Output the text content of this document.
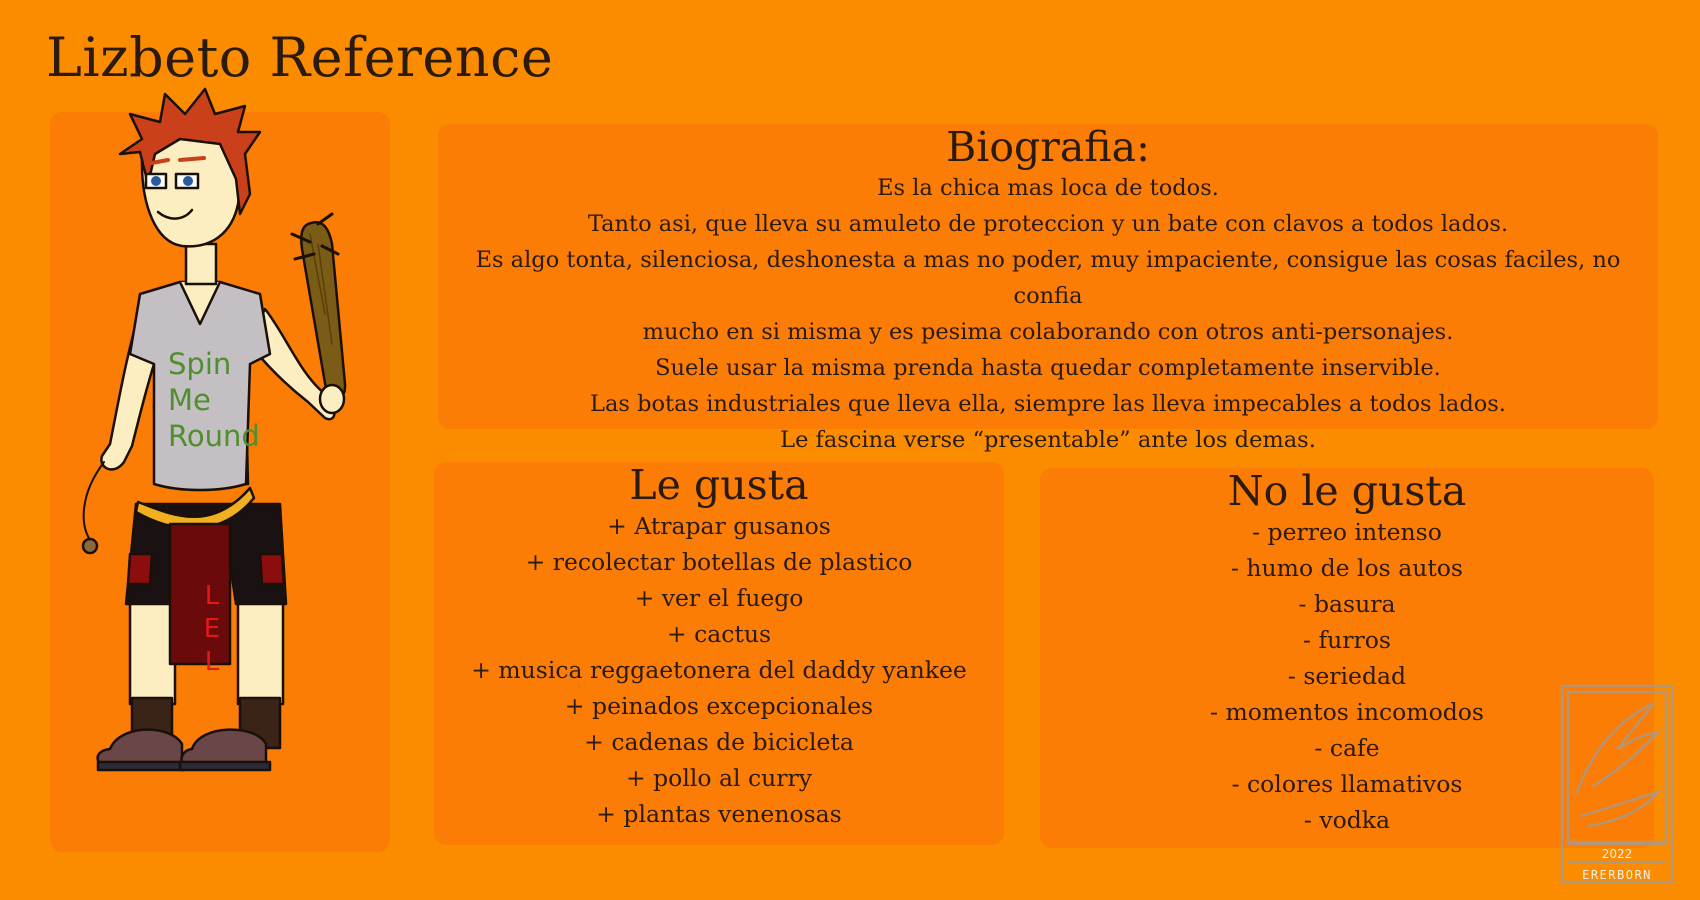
Lizbeto Reference
Spin
Me
Round
L
E
L
Biografia:
Es la chica mas loca de todos.
Tanto asi, que lleva su amuleto de proteccion y un bate con clavos a todos lados.
Es algo tonta, silenciosa, deshonesta a mas no poder, muy impaciente, consigue las cosas faciles, no confia
mucho en si misma y es pesima colaborando con otros anti-personajes.
Suele usar la misma prenda hasta quedar completamente inservible.
Las botas industriales que lleva ella, siempre las lleva impecables a todos lados.
Le fascina verse “presentable” ante los demas.
Le gusta
+ Atrapar gusanos
+ recolectar botellas de plastico
+ ver el fuego
+ cactus
+ musica reggaetonera del daddy yankee
+ peinados excepcionales
+ cadenas de bicicleta
+ pollo al curry
+ plantas venenosas
No le gusta
- perreo intenso
- humo de los autos
- basura
- furros
- seriedad
- momentos incomodos
- cafe
- colores llamativos
- vodka
2022
ERERBORN
